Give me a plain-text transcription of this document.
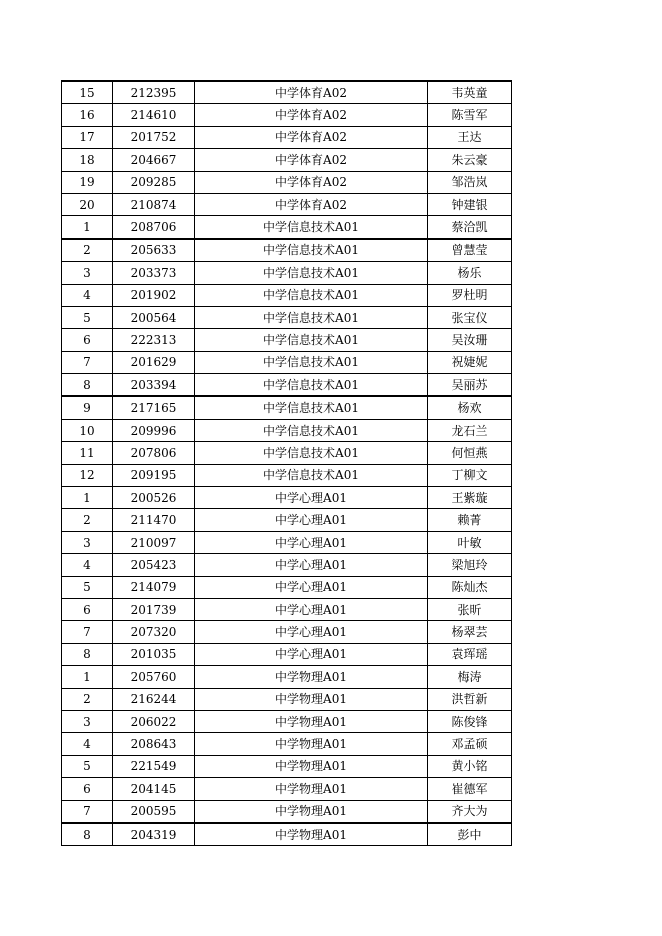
15	212395	中学体育A02	韦英童
16	214610	中学体育A02	陈雪军
17	201752	中学体育A02	王达
18	204667	中学体育A02	朱云豪
19	209285	中学体育A02	邹浩岚
20	210874	中学体育A02	钟建银
1	208706	中学信息技术A01	蔡洽凯
2	205633	中学信息技术A01	曾慧莹
3	203373	中学信息技术A01	杨乐
4	201902	中学信息技术A01	罗杜明
5	200564	中学信息技术A01	张宝仪
6	222313	中学信息技术A01	吴汝珊
7	201629	中学信息技术A01	祝婕妮
8	203394	中学信息技术A01	吴丽苏
9	217165	中学信息技术A01	杨欢
10	209996	中学信息技术A01	龙石兰
11	207806	中学信息技术A01	何恒燕
12	209195	中学信息技术A01	丁柳文
1	200526	中学心理A01	王紫璇
2	211470	中学心理A01	赖菁
3	210097	中学心理A01	叶敏
4	205423	中学心理A01	梁旭玲
5	214079	中学心理A01	陈灿杰
6	201739	中学心理A01	张昕
7	207320	中学心理A01	杨翠芸
8	201035	中学心理A01	袁珲瑶
1	205760	中学物理A01	梅涛
2	216244	中学物理A01	洪哲新
3	206022	中学物理A01	陈俊锋
4	208643	中学物理A01	邓孟硕
5	221549	中学物理A01	黄小铭
6	204145	中学物理A01	崔德军
7	200595	中学物理A01	齐大为
8	204319	中学物理A01	彭中
